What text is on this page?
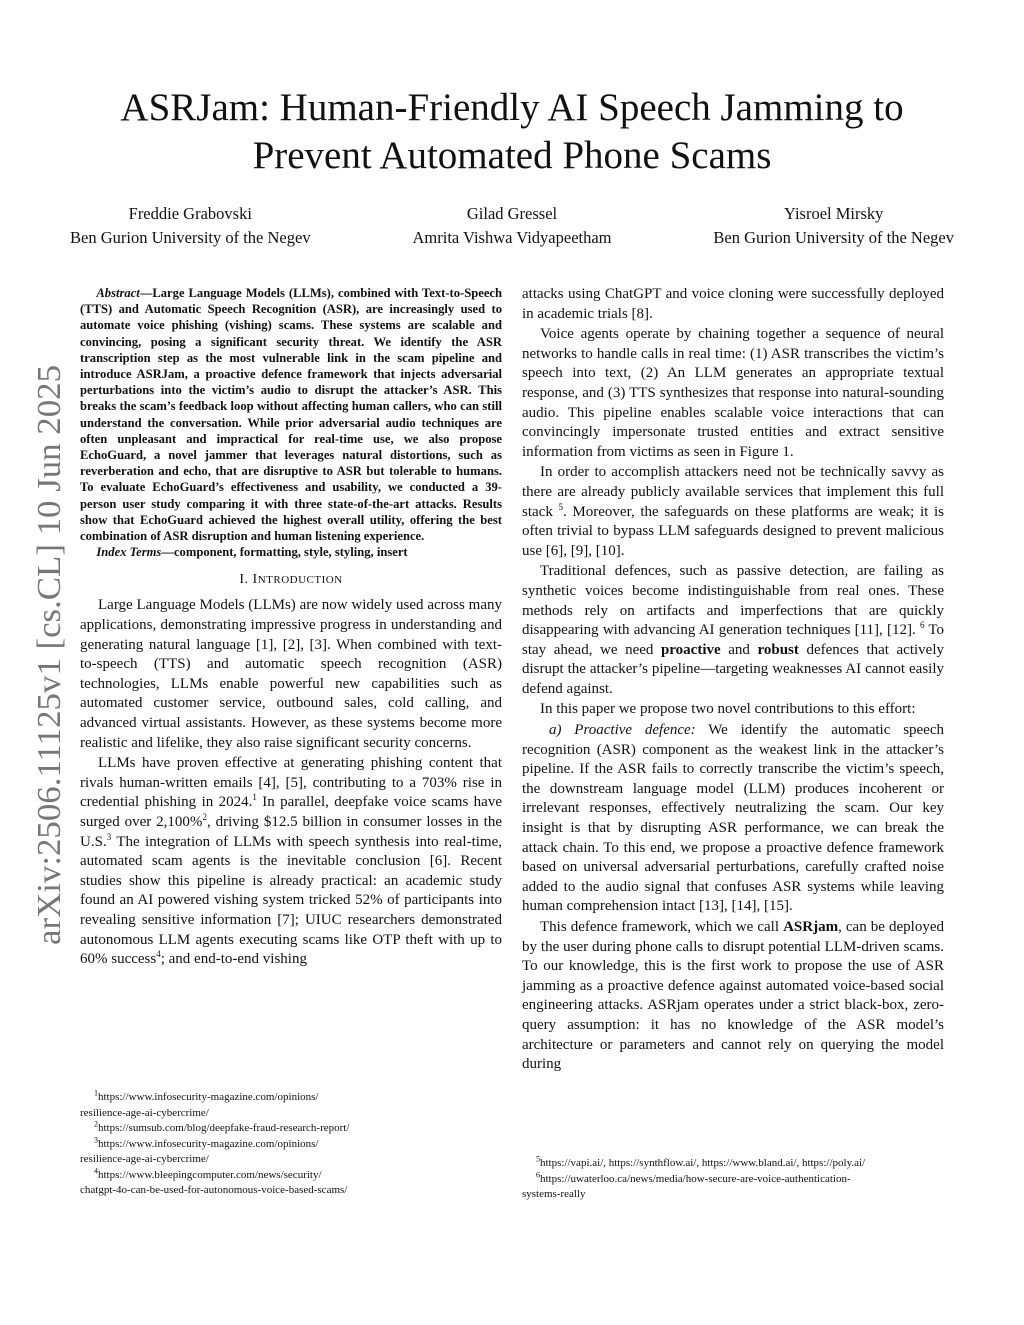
arXiv:2506.11125v1 [cs.CL] 10 Jun 2025
ASRJam: Human-Friendly AI Speech Jamming to
Prevent Automated Phone Scams
Freddie Grabovski
Ben Gurion University of the Negev
Gilad Gressel
Amrita Vishwa Vidyapeetham
Yisroel Mirsky
Ben Gurion University of the Negev

Abstract—Large Language Models (LLMs), combined with Text-to-Speech (TTS) and Automatic Speech Recognition (ASR), are increasingly used to automate voice phishing (vishing) scams. These systems are scalable and convincing, posing a significant security threat. We identify the ASR transcription step as the most vulnerable link in the scam pipeline and introduce ASRJam, a proactive defence framework that injects adversarial perturbations into the victim’s audio to disrupt the attacker’s ASR. This breaks the scam’s feedback loop without affecting human callers, who can still understand the conversation. While prior adversarial audio techniques are often unpleasant and impractical for real-time use, we also propose EchoGuard, a novel jammer that leverages natural distortions, such as reverberation and echo, that are disruptive to ASR but tolerable to humans. To evaluate EchoGuard’s effectiveness and usability, we conducted a 39-person user study comparing it with three state-of-the-art attacks. Results show that EchoGuard achieved the highest overall utility, offering the best combination of ASR disruption and human listening experience.

Index Terms—component, formatting, style, styling, insert

I. INTRODUCTION

Large Language Models (LLMs) are now widely used across many applications, demonstrating impressive progress in understanding and generating natural language [1], [2], [3]. When combined with text-to-speech (TTS) and automatic speech recognition (ASR) technologies, LLMs enable powerful new capabilities such as automated customer service, outbound sales, cold calling, and advanced virtual assistants. However, as these systems become more realistic and lifelike, they also raise significant security concerns.

LLMs have proven effective at generating phishing content that rivals human-written emails [4], [5], contributing to a 703% rise in credential phishing in 2024.$^1$ In parallel, deepfake voice scams have surged over 2,100%$^2$, driving $12.5 billion in consumer losses in the U.S.$^3$ The integration of LLMs with speech synthesis into real-time, automated scam agents is the inevitable conclusion [6]. Recent studies show this pipeline is already practical: an academic study found an AI powered vishing system tricked 52% of participants into revealing sensitive information [7]; UIUC researchers demonstrated autonomous LLM agents executing scams like OTP theft with up to 60% success$^4$; and end-to-end vishing

$^1$https://www.infosecurity-magazine.com/opinions/
resilience-age-ai-cybercrime/
$^2$https://sumsub.com/blog/deepfake-fraud-research-report/
$^3$https://www.infosecurity-magazine.com/opinions/
resilience-age-ai-cybercrime/
$^4$https://www.bleepingcomputer.com/news/security/
chatgpt-4o-can-be-used-for-autonomous-voice-based-scams/

attacks using ChatGPT and voice cloning were successfully deployed in academic trials [8].

Voice agents operate by chaining together a sequence of neural networks to handle calls in real time: (1) ASR transcribes the victim’s speech into text, (2) An LLM generates an appropriate textual response, and (3) TTS synthesizes that response into natural-sounding audio. This pipeline enables scalable voice interactions that can convincingly impersonate trusted entities and extract sensitive information from victims as seen in Figure 1.

In order to accomplish attackers need not be technically savvy as there are already publicly available services that implement this full stack $^5$. Moreover, the safeguards on these platforms are weak; it is often trivial to bypass LLM safeguards designed to prevent malicious use [6], [9], [10].

Traditional defences, such as passive detection, are failing as synthetic voices become indistinguishable from real ones. These methods rely on artifacts and imperfections that are quickly disappearing with advancing AI generation techniques [11], [12]. $^6$ To stay ahead, we need proactive and robust defences that actively disrupt the attacker’s pipeline—targeting weaknesses AI cannot easily defend against.

In this paper we propose two novel contributions to this effort:

a) Proactive defence: We identify the automatic speech recognition (ASR) component as the weakest link in the attacker’s pipeline. If the ASR fails to correctly transcribe the victim’s speech, the downstream language model (LLM) produces incoherent or irrelevant responses, effectively neutralizing the scam. Our key insight is that by disrupting ASR performance, we can break the attack chain. To this end, we propose a proactive defence framework based on universal adversarial perturbations, carefully crafted noise added to the audio signal that confuses ASR systems while leaving human comprehension intact [13], [14], [15].

This defence framework, which we call ASRjam, can be deployed by the user during phone calls to disrupt potential LLM-driven scams. To our knowledge, this is the first work to propose the use of ASR jamming as a proactive defence against automated voice-based social engineering attacks. ASRjam operates under a strict black-box, zero-query assumption: it has no knowledge of the ASR model’s architecture or parameters and cannot rely on querying the model during

$^5$https://vapi.ai/, https://synthflow.ai/, https://www.bland.ai/, https://poly.ai/
$^6$https://uwaterloo.ca/news/media/how-secure-are-voice-authentication-
systems-really
